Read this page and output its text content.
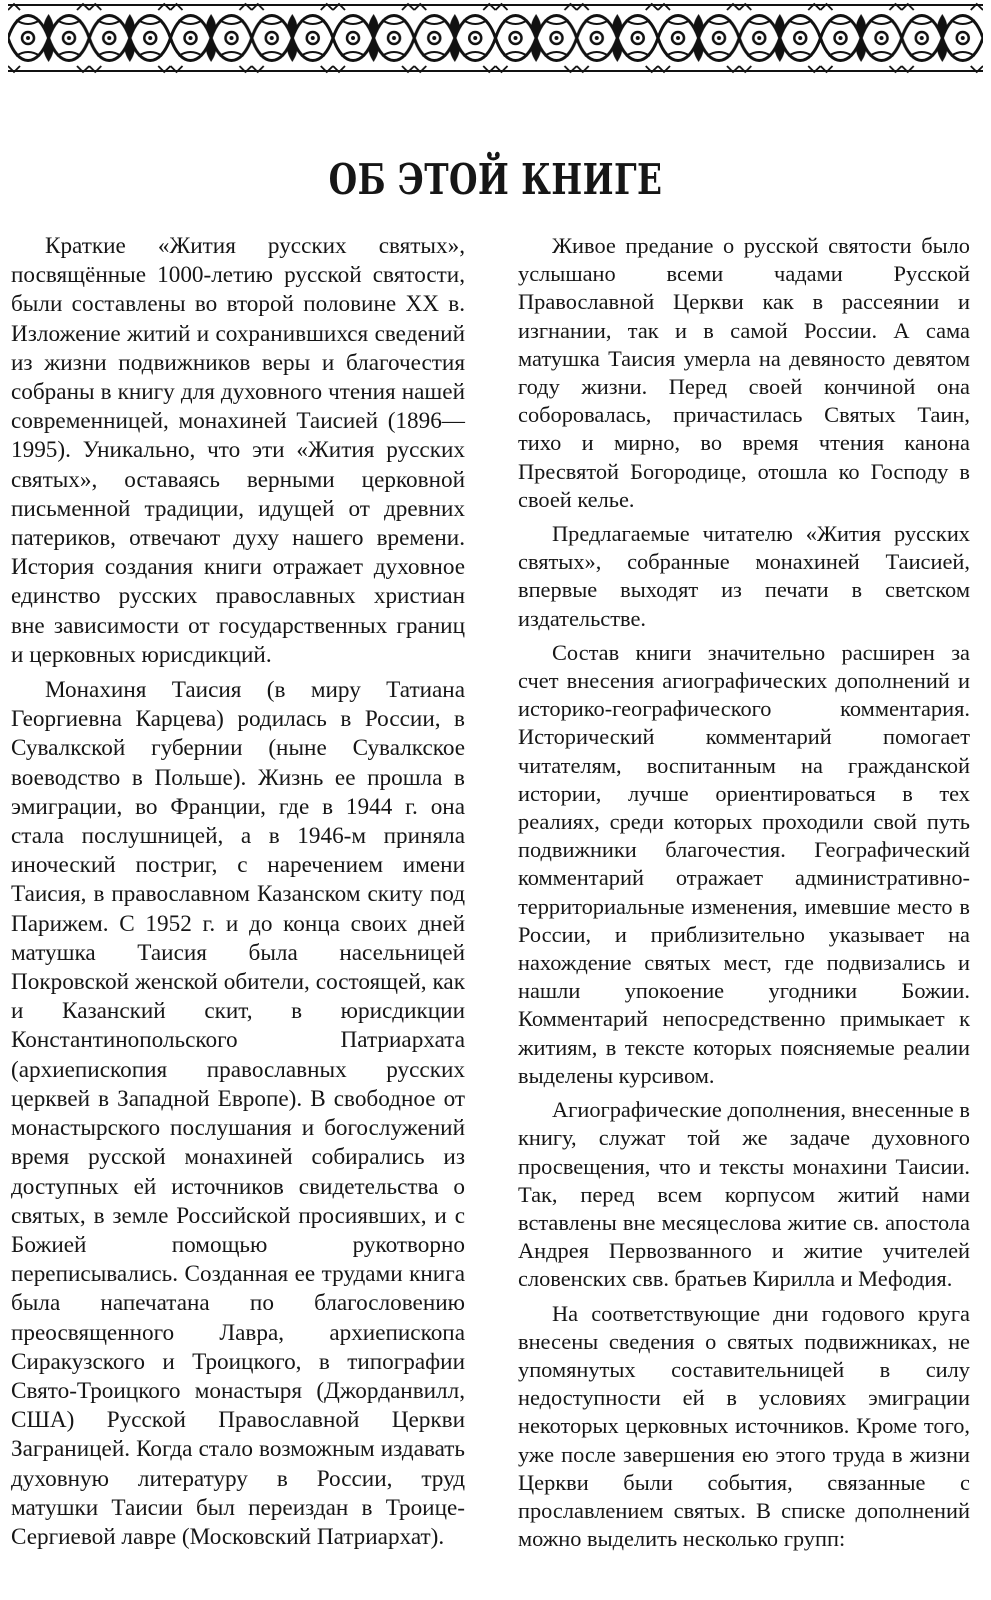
ОБ ЭТОЙ КНИГЕ

Краткие «Жития русских святых», посвящённые 1000-летию русской святости, были составлены во второй половине XX в. Изложение житий и сохранившихся сведений из жизни подвижников веры и благочестия собраны в книгу для духовного чтения нашей современницей, монахиней Таисией (1896—1995). Уникально, что эти «Жития русских святых», оставаясь верными церковной письменной традиции, идущей от древних патериков, отвечают духу нашего времени. История создания книги отражает духовное единство русских православных христиан вне зависимости от государственных границ и церковных юрисдикций.

Монахиня Таисия (в миру Татиана Георгиевна Карцева) родилась в России, в Сувалкской губернии (ныне Сувалкское воеводство в Польше). Жизнь ее прошла в эмиграции, во Франции, где в 1944 г. она стала послушницей, а в 1946-м приняла иноческий постриг, с наречением имени Таисия, в православном Казанском скиту под Парижем. С 1952 г. и до конца своих дней матушка Таисия была насельницей Покровской женской обители, состоящей, как и Казанский скит, в юрисдикции Константинопольского Патриархата (архиепископия православных русских церквей в Западной Европе). В свободное от монастырского послушания и богослужений время русской монахиней собирались из доступных ей источников свидетельства о святых, в земле Российской просиявших, и с Божией помощью рукотворно переписывались. Созданная ее трудами книга была напечатана по благословению преосвященного Лавра, архиепископа Сиракузского и Троицкого, в типографии Свято-Троицкого монастыря (Джорданвилл, США) Русской Православной Церкви Заграницей. Когда стало возможным издавать духовную литературу в России, труд матушки Таисии был переиздан в Троице-Сергиевой лавре (Московский Патриархат).

Живое предание о русской святости было услышано всеми чадами Русской Православной Церкви как в рассеянии и изгнании, так и в самой России. А сама матушка Таисия умерла на девяносто девятом году жизни. Перед своей кончиной она соборовалась, причастилась Святых Таин, тихо и мирно, во время чтения канона Пресвятой Богородице, отошла ко Господу в своей келье.

Предлагаемые читателю «Жития русских святых», собранные монахиней Таисией, впервые выходят из печати в светском издательстве.

Состав книги значительно расширен за счет внесения агиографических дополнений и историко-географического комментария. Исторический комментарий помогает читателям, воспитанным на гражданской истории, лучше ориентироваться в тех реалиях, среди которых проходили свой путь подвижники благочестия. Географический комментарий отражает административно-территориальные изменения, имевшие место в России, и приблизительно указывает на нахождение святых мест, где подвизались и нашли упокоение угодники Божии. Комментарий непосредственно примыкает к житиям, в тексте которых поясняемые реалии выделены курсивом.

Агиографические дополнения, внесенные в книгу, служат той же задаче духовного просвещения, что и тексты монахини Таисии. Так, перед всем корпусом житий нами вставлены вне месяцеслова житие св. апостола Андрея Первозванного и житие учителей словенских свв. братьев Кирилла и Мефодия.

На соответствующие дни годового круга внесены сведения о святых подвижниках, не упомянутых составительницей в силу недоступности ей в условиях эмиграции некоторых церковных источников. Кроме того, уже после завершения ею этого труда в жизни Церкви были события, связанные с прославлением святых. В списке дополнений можно выделить несколько групп:
